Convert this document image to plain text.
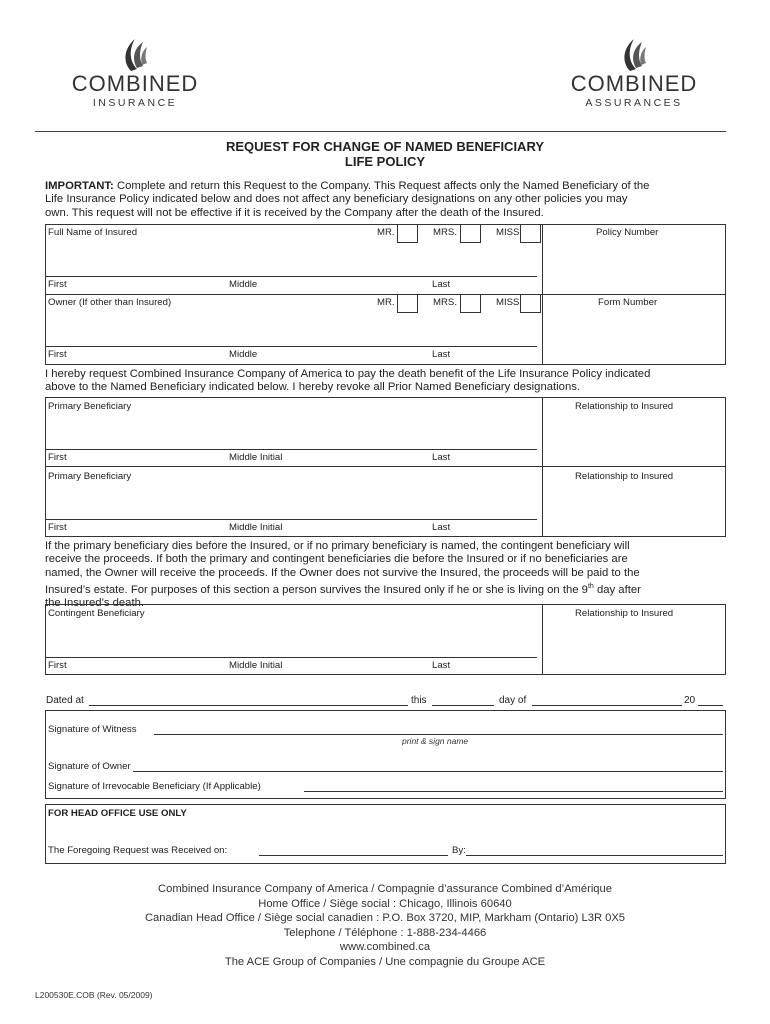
COMBINED
INSURANCE
COMBINED
ASSURANCES
REQUEST FOR CHANGE OF NAMED BENEFICIARY
LIFE POLICY
IMPORTANT: Complete and return this Request to the Company. This Request affects only the Named Beneficiary of the
Life Insurance Policy indicated below and does not affect any beneficiary designations on any other policies you may
own. This request will not be effective if it is received by the Company after the death of the Insured.
Full Name of Insured	MR.	MRS.	MISS	Policy Number
First	Middle	Last
Owner (If other than Insured)	MR.	MRS.	MISS	Form Number
First	Middle	Last
I hereby request Combined Insurance Company of America to pay the death benefit of the Life Insurance Policy indicated
above to the Named Beneficiary indicated below. I hereby revoke all Prior Named Beneficiary designations.
Primary Beneficiary	Relationship to Insured
First	Middle Initial	Last
Primary Beneficiary	Relationship to Insured
First	Middle Initial	Last
If the primary beneficiary dies before the Insured, or if no primary beneficiary is named, the contingent beneficiary will
receive the proceeds. If both the primary and contingent beneficiaries die before the Insured or if no beneficiaries are
named, the Owner will receive the proceeds. If the Owner does not survive the Insured, the proceeds will be paid to the
Insured’s estate. For purposes of this section a person survives the Insured only if he or she is living on the 9th day after
the Insured’s death.
Contingent Beneficiary	Relationship to Insured
First	Middle Initial	Last
Dated at	this	day of	20
Signature of Witness
print & sign name
Signature of Owner
Signature of Irrevocable Beneficiary (If Applicable)
FOR HEAD OFFICE USE ONLY
The Foregoing Request was Received on:	By:
Combined Insurance Company of America / Compagnie d’assurance Combined d’Amérique
Home Office / Siège social : Chicago, Illinois 60640
Canadian Head Office / Siège social canadien : P.O. Box 3720, MIP, Markham (Ontario) L3R 0X5
Telephone / Téléphone : 1-888-234-4466
www.combined.ca
The ACE Group of Companies / Une compagnie du Groupe ACE
L200530E.COB (Rev. 05/2009)
